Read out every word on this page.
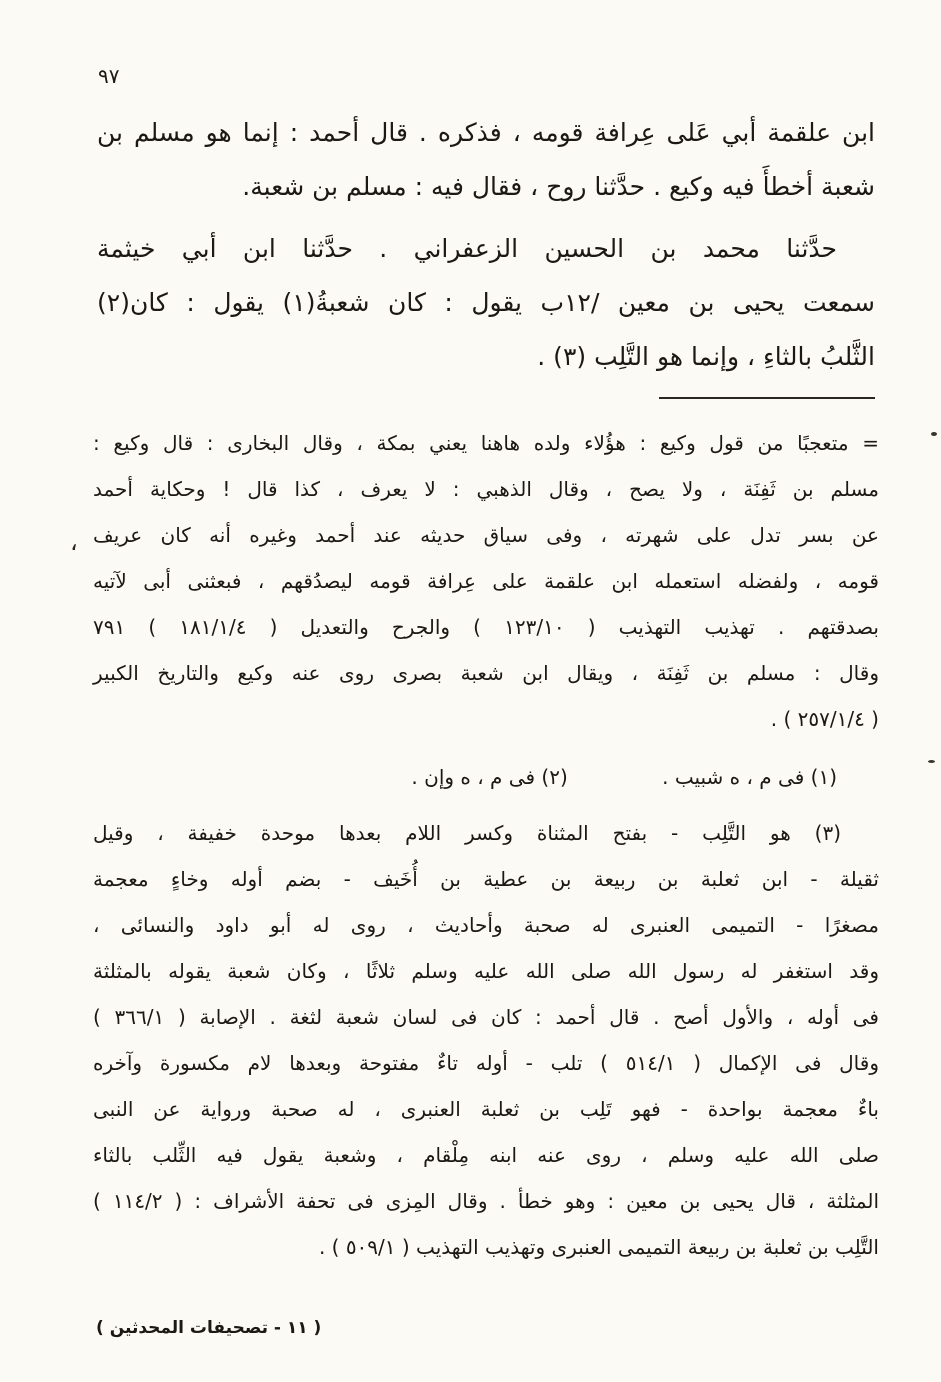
٩٧
ابن علقمة أبي عَلى عِرافة قومه ، فذكره . قال أحمد : إنما هو مسلم بن
شعبة أخطأَ فيه وكيع . حدَّثنا روح ، فقال فيه : مسلم بن شعبة.
حدَّثنا محمد بن الحسين الزعفراني . حدَّثنا ابن أبي خيثمة
سمعت يحيى بن معين /١٢ب يقول : كان شعبةُ(١) يقول : كان(٢)
الثَّلبُ بالثاءِ ، وإنما هو التَّلِب (٣) .
= متعجبًا من قول وكيع : هؤُلاء ولده هاهنا يعني بمكة ، وقال البخارى : قال وكيع :
مسلم بن ثَفِنَة ، ولا يصح ، وقال الذهبي : لا يعرف ، كذا قال ! وحكاية أحمد
عن بسر تدل على شهرته ، وفى سياق حديثه عند أحمد وغيره أنه كان عريف
قومه ، ولفضله استعمله ابن علقمة على عِرافة قومه ليصدُقهم ، فبعثنى أبى لآتيه
بصدقتهم . تهذيب التهذيب ( ١٢٣/١٠ ) والجرح والتعديل ( ١٨١/١/٤ ) ٧٩١
وقال : مسلم بن ثَفِنَة ، ويقال ابن شعبة بصرى روى عنه وكيع والتاريخ الكبير
( ٢٥٧/١/٤ ) .
(١) فى م ، ه شبيب . (٢) فى م ، ه وإن .
(٣) هو التَّلِب - بفتح المثناة وكسر اللام بعدها موحدة خفيفة ، وقيل
ثقيلة - ابن ثعلبة بن ربيعة بن عطية بن أُخَيف - بضم أوله وخاءٍ معجمة
مصغرًا - التميمى العنبرى له صحبة وأحاديث ، روى له أبو داود والنسائى ،
وقد استغفر له رسول الله صلى الله عليه وسلم ثلاثًا ، وكان شعبة يقوله بالمثلثة
فى أوله ، والأول أصح . قال أحمد : كان فى لسان شعبة لثغة . الإصابة ( ٣٦٦/١ )
وقال فى الإكمال ( ٥١٤/١ ) تلب - أوله تاءٌ مفتوحة وبعدها لام مكسورة وآخره
باءٌ معجمة بواحدة - فهو تَلِب بن ثعلبة العنبرى ، له صحبة ورواية عن النبى
صلى الله عليه وسلم ، روى عنه ابنه مِلْقام ، وشعبة يقول فيه الثِّلب بالثاء
المثلثة ، قال يحيى بن معين : وهو خطأ . وقال المِزى فى تحفة الأشراف : ( ١١٤/٢ )
التَّلِب بن ثعلبة بن ربيعة التميمى العنبرى وتهذيب التهذيب ( ٥٠٩/١ ) .
،
( ١١ - تصحيفات المحدثين )
